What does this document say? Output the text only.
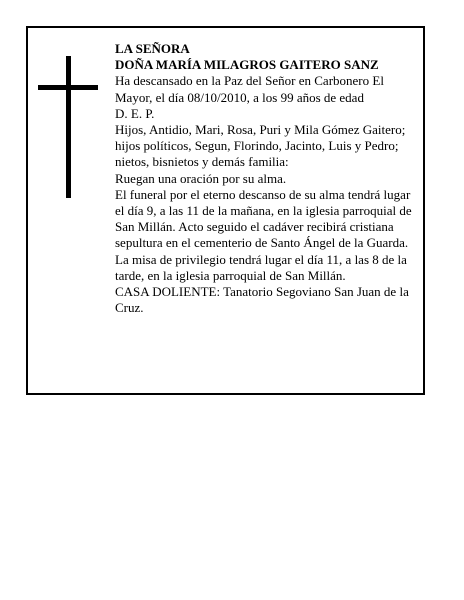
LA SEÑORA

DOÑA MARÍA MILAGROS GAITERO SANZ

Ha descansado en la Paz del Señor en Carbonero El Mayor, el día 08/10/2010, a los 99 años de edad

D. E. P.

Hijos, Antidio, Mari, Rosa, Puri y Mila Gómez Gaitero; hijos políticos, Segun, Florindo, Jacinto, Luis y Pedro; nietos, bisnietos y demás familia:

Ruegan una oración por su alma.

El funeral por el eterno descanso de su alma tendrá lugar el día 9, a las 11 de la mañana, en la iglesia parroquial de San Millán. Acto seguido el cadáver recibirá cristiana sepultura en el cementerio de Santo Ángel de la Guarda. La misa de privilegio tendrá lugar el día 11, a las 8 de la tarde, en la iglesia parroquial de San Millán.

CASA DOLIENTE: Tanatorio Segoviano San Juan de la Cruz.
